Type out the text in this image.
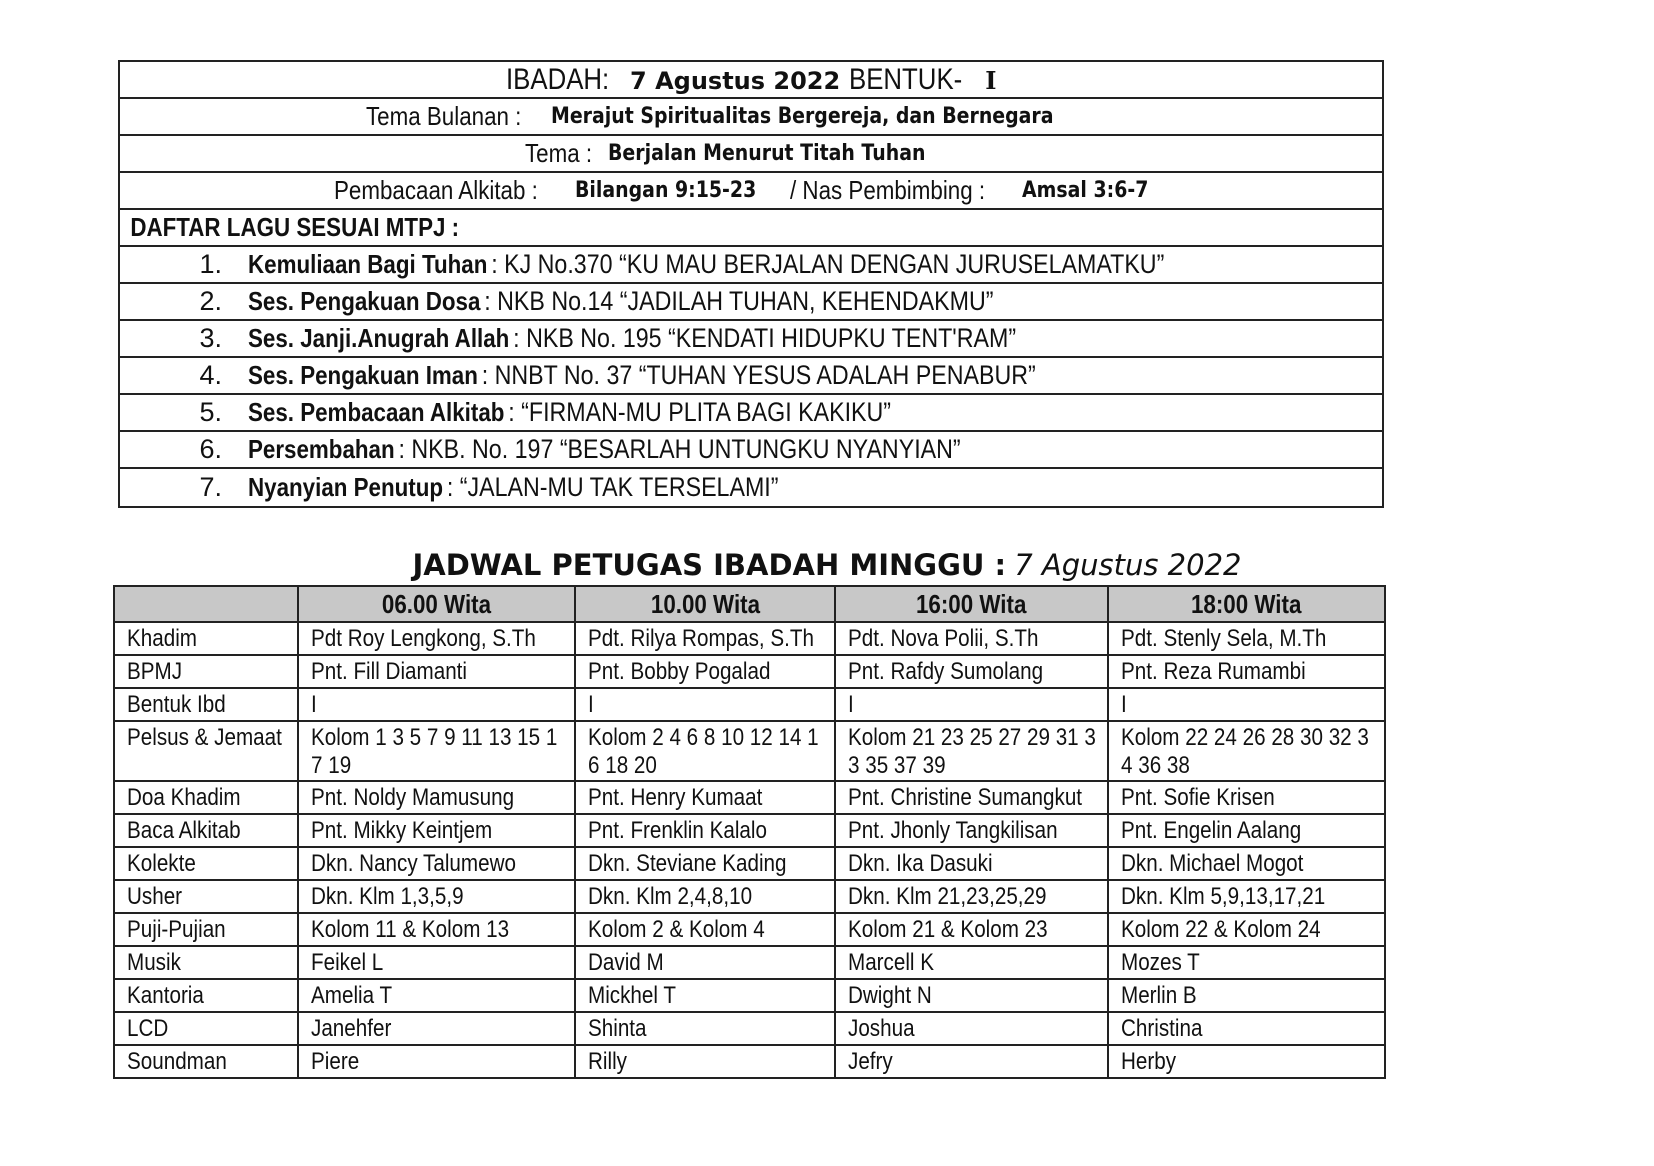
IBADAH: 7 Agustus 2022 BENTUK- I
Tema Bulanan :
Merajut Spiritualitas Bergereja, dan Bernegara
Tema :
Berjalan Menurut Titah Tuhan
Pembacaan Alkitab :
Bilangan 9:15-23
/ Nas Pembimbing :
Amsal 3:6-7
DAFTAR LAGU SESUAI MTPJ :
1.	Kemuliaan Bagi Tuhan : KJ No.370 “KU MAU BERJALAN DENGAN JURUSELAMATKU”
2.	Ses. Pengakuan Dosa : NKB No.14 “JADILAH TUHAN, KEHENDAKMU”
3.	Ses. Janji.Anugrah Allah : NKB No. 195 “KENDATI HIDUPKU TENT'RAM”
4.	Ses. Pengakuan Iman : NNBT No. 37 “TUHAN YESUS ADALAH PENABUR”
5.	Ses. Pembacaan Alkitab : “FIRMAN-MU PLITA BAGI KAKIKU”
6.	Persembahan : NKB. No. 197 “BESARLAH UNTUNGKU NYANYIAN”
7.	Nyanyian Penutup : “JALAN-MU TAK TERSELAMI”
JADWAL PETUGAS IBADAH MINGGU : 7 Agustus 2022
	06.00 Wita	10.00 Wita	16:00 Wita	18:00 Wita

Khadim	Pdt Roy Lengkong, S.Th	Pdt. Rilya Rompas, S.Th	Pdt. Nova Polii, S.Th	Pdt. Stenly Sela, M.Th

BPMJ	Pnt. Fill Diamanti	Pnt. Bobby Pogalad	Pnt. Rafdy Sumolang	Pnt. Reza Rumambi

Bentuk Ibd	I	I	I	I

Pelsus & Jemaat	Kolom 1 3 5 7 9 11 13 15 1 7 19	Kolom 2 4 6 8 10 12 14 1 6 18 20	Kolom 21 23 25 27 29 31 3 3 35 37 39	Kolom 22 24 26 28 30 32 3 4 36 38

Doa Khadim	Pnt. Noldy Mamusung	Pnt. Henry Kumaat	Pnt. Christine Sumangkut	Pnt. Sofie Krisen

Baca Alkitab	Pnt. Mikky Keintjem	Pnt. Frenklin Kalalo	Pnt. Jhonly Tangkilisan	Pnt. Engelin Aalang

Kolekte	Dkn. Nancy Talumewo	Dkn. Steviane Kading	Dkn. Ika Dasuki	Dkn. Michael Mogot

Usher	Dkn. Klm 1,3,5,9	Dkn. Klm 2,4,8,10	Dkn. Klm 21,23,25,29	Dkn. Klm 5,9,13,17,21

Puji-Pujian	Kolom 11 & Kolom 13	Kolom 2 & Kolom 4	Kolom 21 & Kolom 23	Kolom 22 & Kolom 24

Musik	Feikel L	David M	Marcell K	Mozes T

Kantoria	Amelia T	Mickhel T	Dwight N	Merlin B

LCD	Janehfer	Shinta	Joshua	Christina

Soundman	Piere	Rilly	Jefry	Herby
